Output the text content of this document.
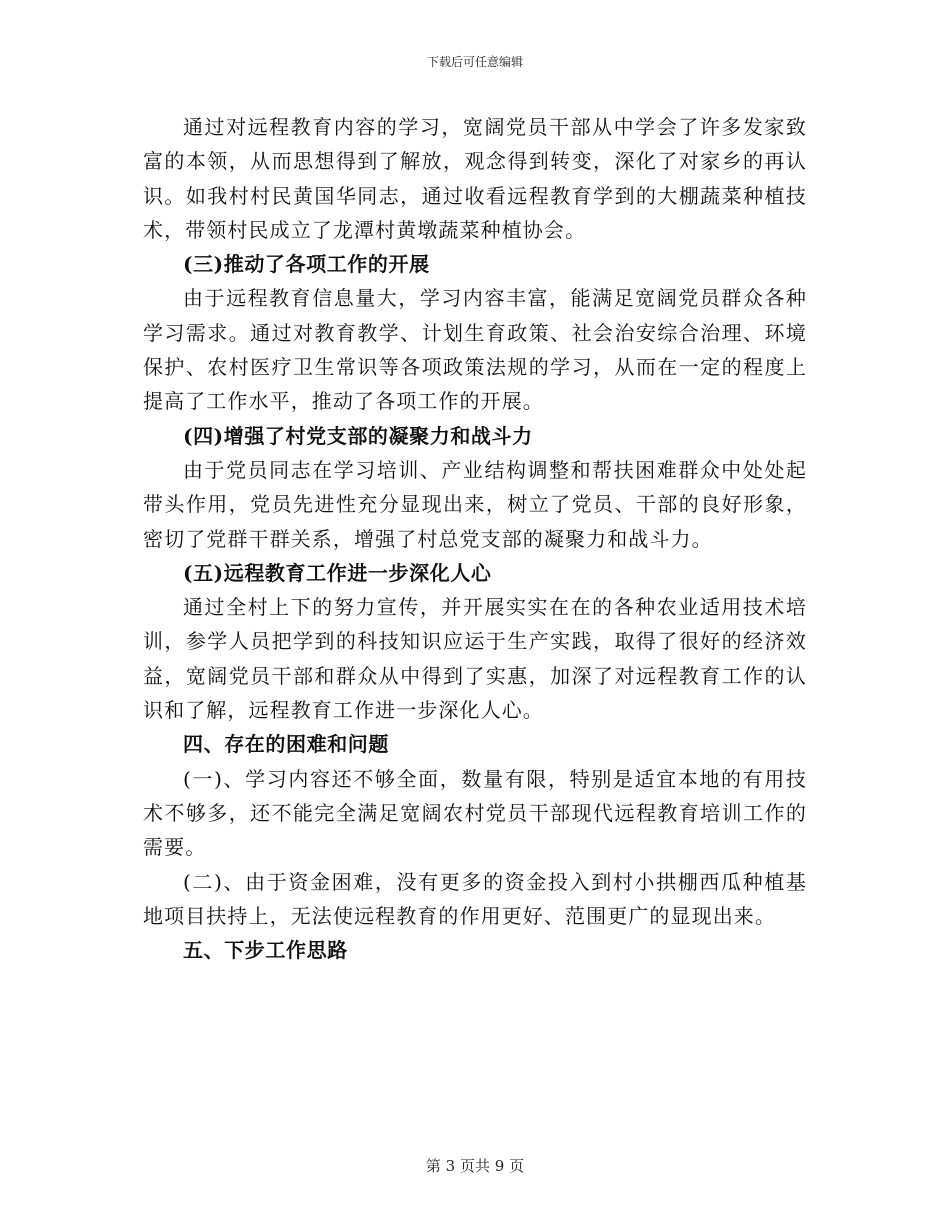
下载后可任意编辑

通过对远程教育内容的学习，宽阔党员干部从中学会了许多发家致富的本领，从而思想得到了解放，观念得到转变，深化了对家乡的再认识。如我村村民黄国华同志，通过收看远程教育学到的大棚蔬菜种植技术，带领村民成立了龙潭村黄墩蔬菜种植协会。

(三)推动了各项工作的开展

由于远程教育信息量大，学习内容丰富，能满足宽阔党员群众各种学习需求。通过对教育教学、计划生育政策、社会治安综合治理、环境保护、农村医疗卫生常识等各项政策法规的学习，从而在一定的程度上提高了工作水平，推动了各项工作的开展。

(四)增强了村党支部的凝聚力和战斗力

由于党员同志在学习培训、产业结构调整和帮扶困难群众中处处起带头作用，党员先进性充分显现出来，树立了党员、干部的良好形象，密切了党群干群关系，增强了村总党支部的凝聚力和战斗力。

(五)远程教育工作进一步深化人心

通过全村上下的努力宣传，并开展实实在在的各种农业适用技术培训，参学人员把学到的科技知识应运于生产实践，取得了很好的经济效益，宽阔党员干部和群众从中得到了实惠，加深了对远程教育工作的认识和了解，远程教育工作进一步深化人心。

四、存在的困难和问题

(一)、学习内容还不够全面，数量有限，特别是适宜本地的有用技术不够多，还不能完全满足宽阔农村党员干部现代远程教育培训工作的需要。

(二)、由于资金困难，没有更多的资金投入到村小拱棚西瓜种植基地项目扶持上，无法使远程教育的作用更好、范围更广的显现出来。

五、下步工作思路

第 3 页共 9 页
